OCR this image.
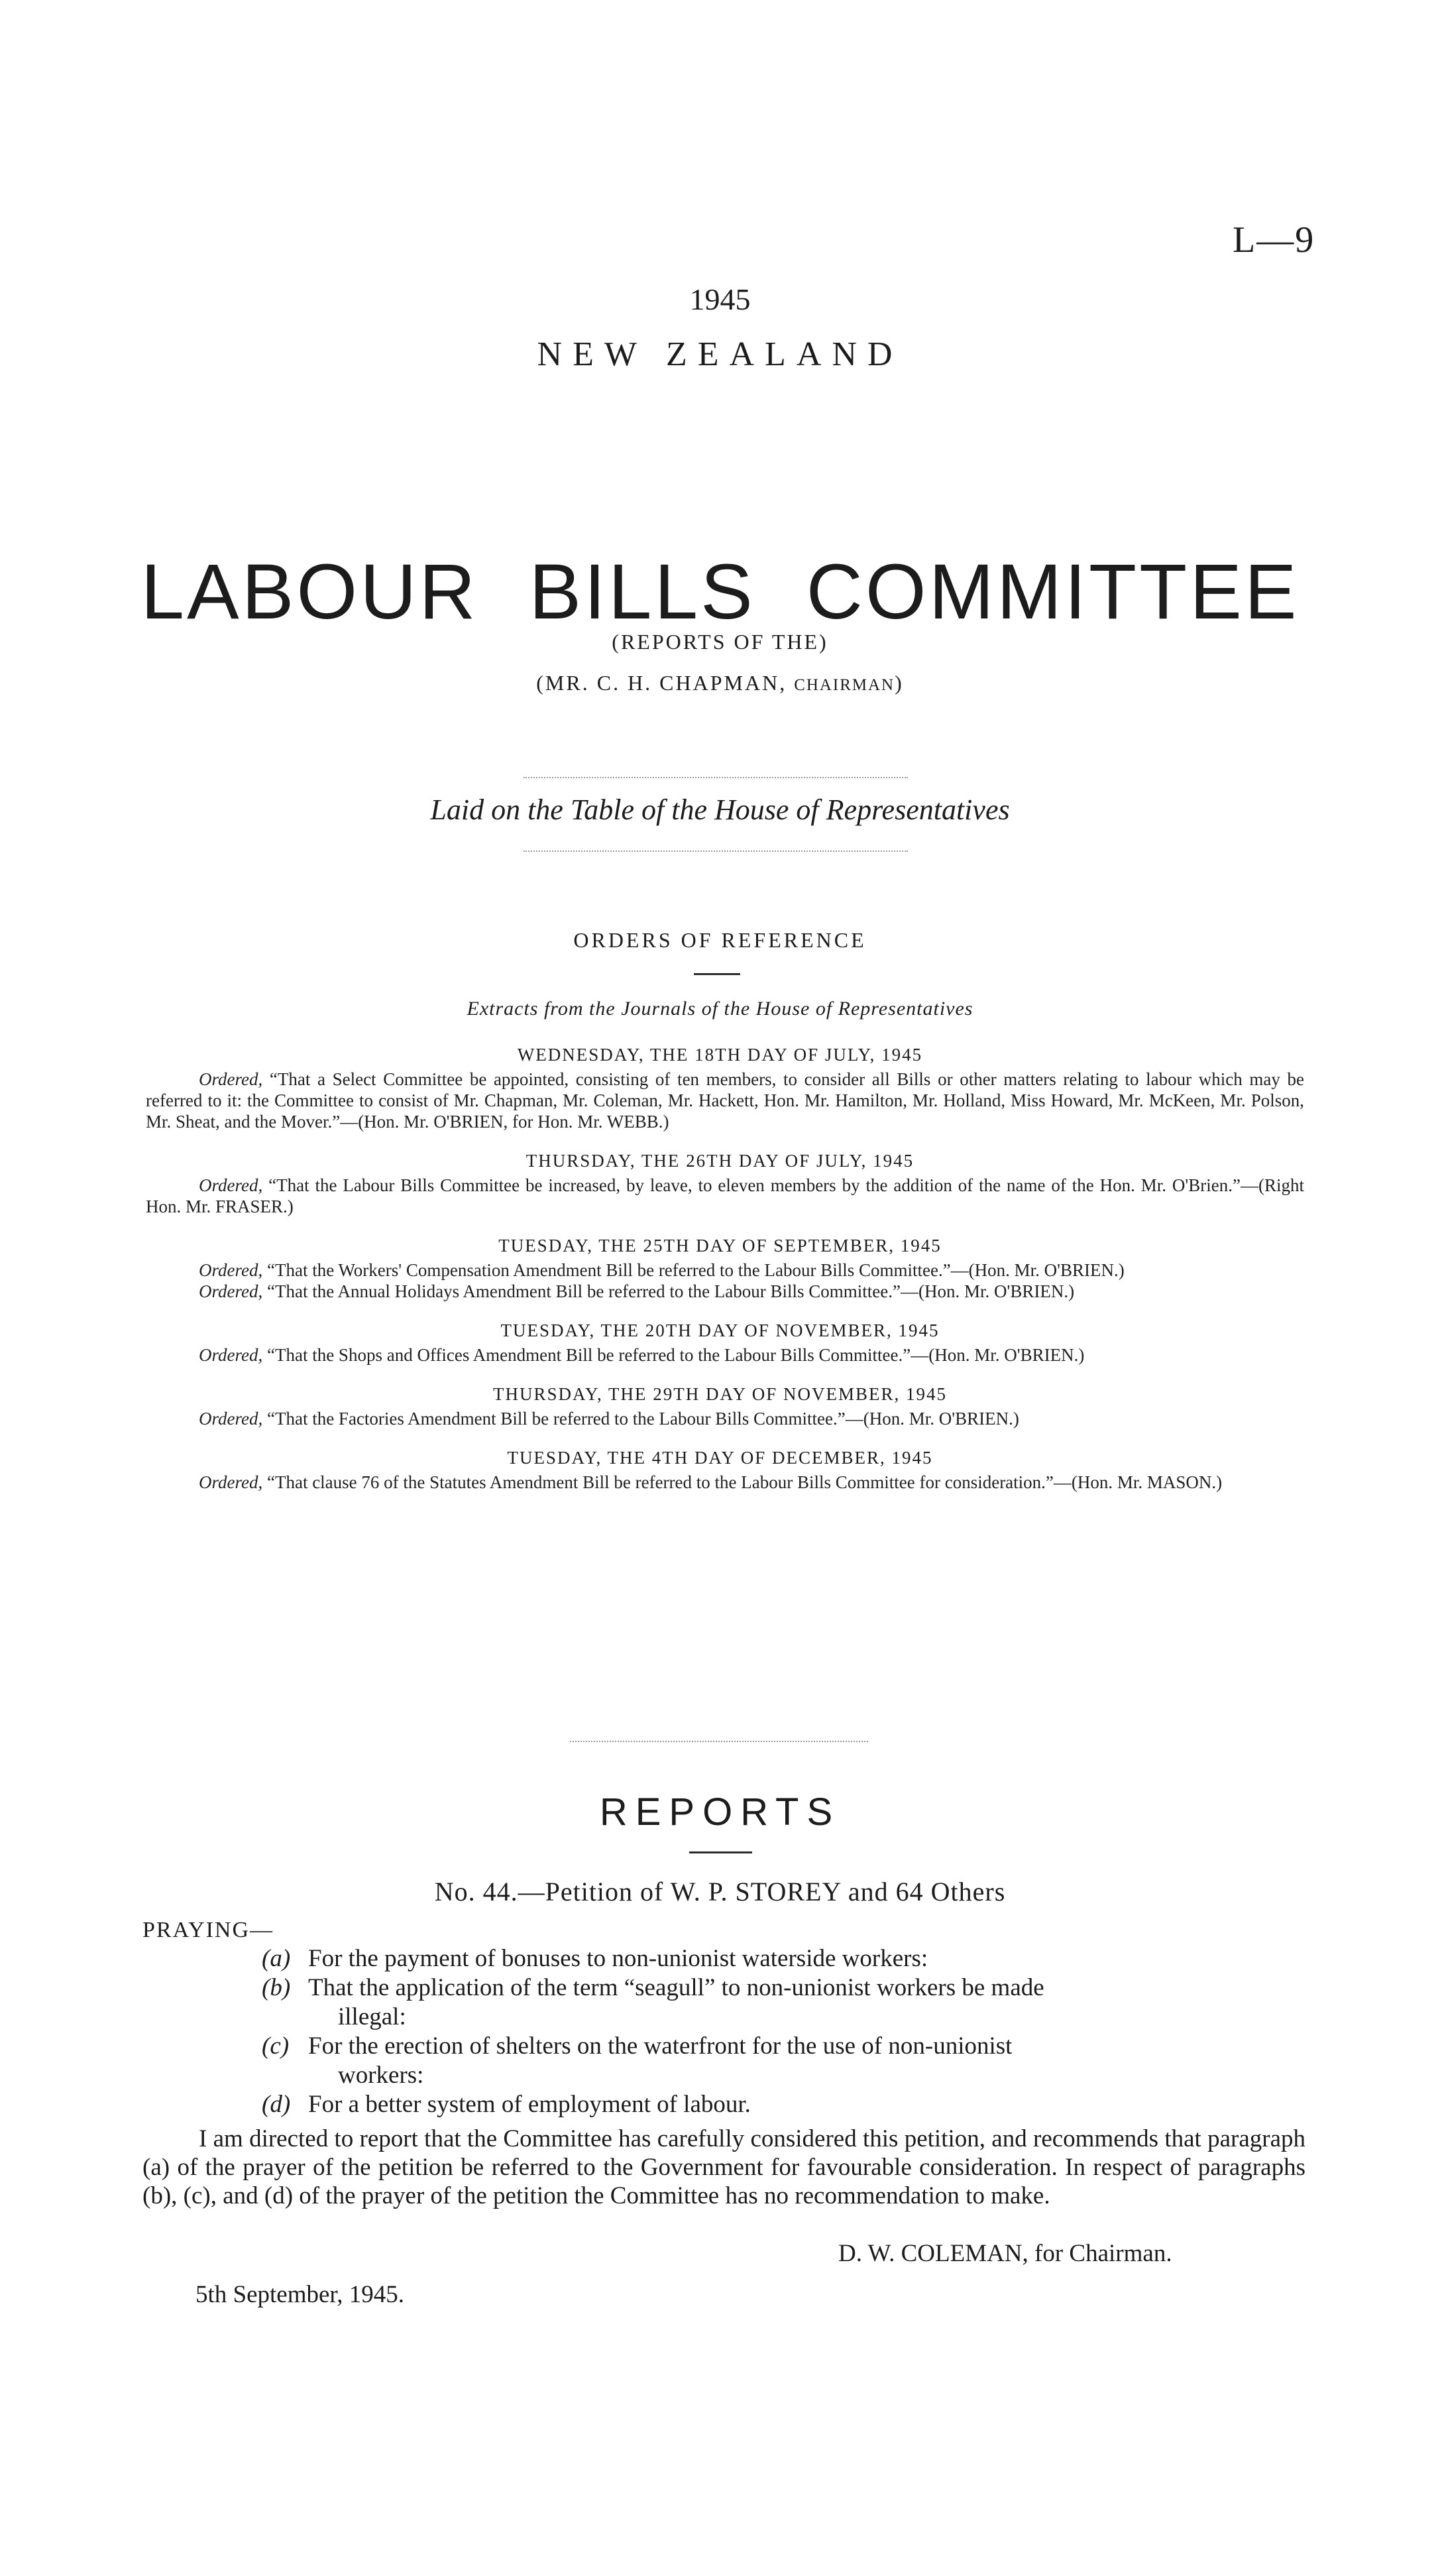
L—9
1945
NEW ZEALAND
LABOUR BILLS COMMITTEE
(REPORTS OF THE)
(MR. C. H. CHAPMAN, CHAIRMAN)
Laid on the Table of the House of Representatives
ORDERS OF REFERENCE
Extracts from the Journals of the House of Representatives

WEDNESDAY, THE 18TH DAY OF JULY, 1945

Ordered, “That a Select Committee be appointed, consisting of ten members, to consider all Bills or other matters relating to labour which may be referred to it: the Committee to consist of Mr. Chapman, Mr. Coleman, Mr. Hackett, Hon. Mr. Hamilton, Mr. Holland, Miss Howard, Mr. McKeen, Mr. Polson, Mr. Sheat, and the Mover.”—(Hon. Mr. O'BRIEN, for Hon. Mr. WEBB.)

THURSDAY, THE 26TH DAY OF JULY, 1945

Ordered, “That the Labour Bills Committee be increased, by leave, to eleven members by the addition of the name of the Hon. Mr. O'Brien.”—(Right Hon. Mr. FRASER.)

TUESDAY, THE 25TH DAY OF SEPTEMBER, 1945

Ordered, “That the Workers' Compensation Amendment Bill be referred to the Labour Bills Committee.”—(Hon. Mr. O'BRIEN.)

Ordered, “That the Annual Holidays Amendment Bill be referred to the Labour Bills Committee.”—(Hon. Mr. O'BRIEN.)

TUESDAY, THE 20TH DAY OF NOVEMBER, 1945

Ordered, “That the Shops and Offices Amendment Bill be referred to the Labour Bills Committee.”—(Hon. Mr. O'BRIEN.)

THURSDAY, THE 29TH DAY OF NOVEMBER, 1945

Ordered, “That the Factories Amendment Bill be referred to the Labour Bills Committee.”—(Hon. Mr. O'BRIEN.)

TUESDAY, THE 4TH DAY OF DECEMBER, 1945

Ordered, “That clause 76 of the Statutes Amendment Bill be referred to the Labour Bills Committee for consideration.”—(Hon. Mr. MASON.)

REPORTS
No. 44.—Petition of W. P. STOREY and 64 Others
PRAYING—
(a) For the payment of bonuses to non-unionist waterside workers:
(b) That the application of the term “seagull” to non-unionist workers be made
illegal:
(c) For the erection of shelters on the waterfront for the use of non-unionist
workers:
(d) For a better system of employment of labour.
I am directed to report that the Committee has carefully considered this petition, and recommends that paragraph (a) of the prayer of the petition be referred to the Government for favourable consideration. In respect of paragraphs (b), (c), and (d) of the prayer of the petition the Committee has no recommendation to make.
D. W. COLEMAN, for Chairman.
5th September, 1945.
